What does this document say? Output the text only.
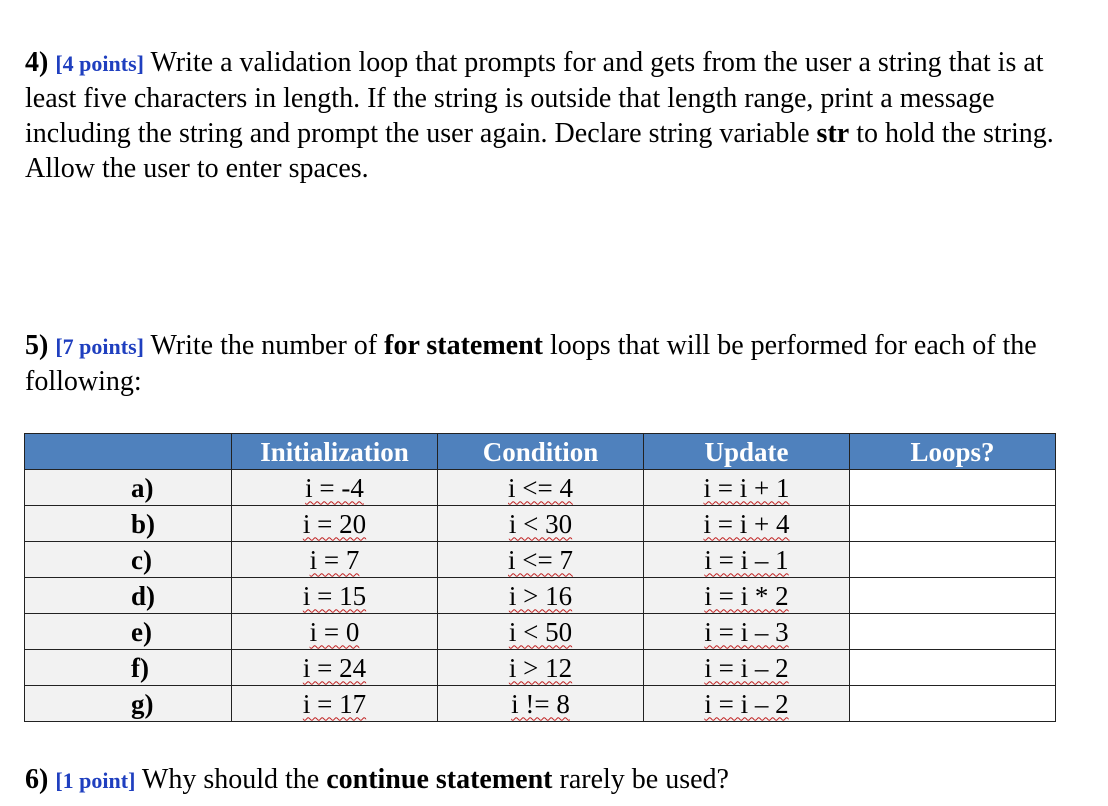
4) [4 points] Write a validation loop that prompts for and gets from the user a string that is at least five characters in length. If the string is outside that length range, print a message including the string and prompt the user again. Declare string variable str to hold the string. Allow the user to enter spaces.
5) [7 points] Write the number of for statement loops that will be performed for each of the following:
	Initialization	Condition	Update	Loops?
a)	i = -4	i <= 4	i = i + 1	
b)	i = 20	i < 30	i = i + 4	
c)	i = 7	i <= 7	i = i – 1	
d)	i = 15	i > 16	i = i * 2	
e)	i = 0	i < 50	i = i – 3	
f)	i = 24	i > 12	i = i – 2	
g)	i = 17	i != 8	i = i – 2	
6) [1 point] Why should the continue statement rarely be used?
